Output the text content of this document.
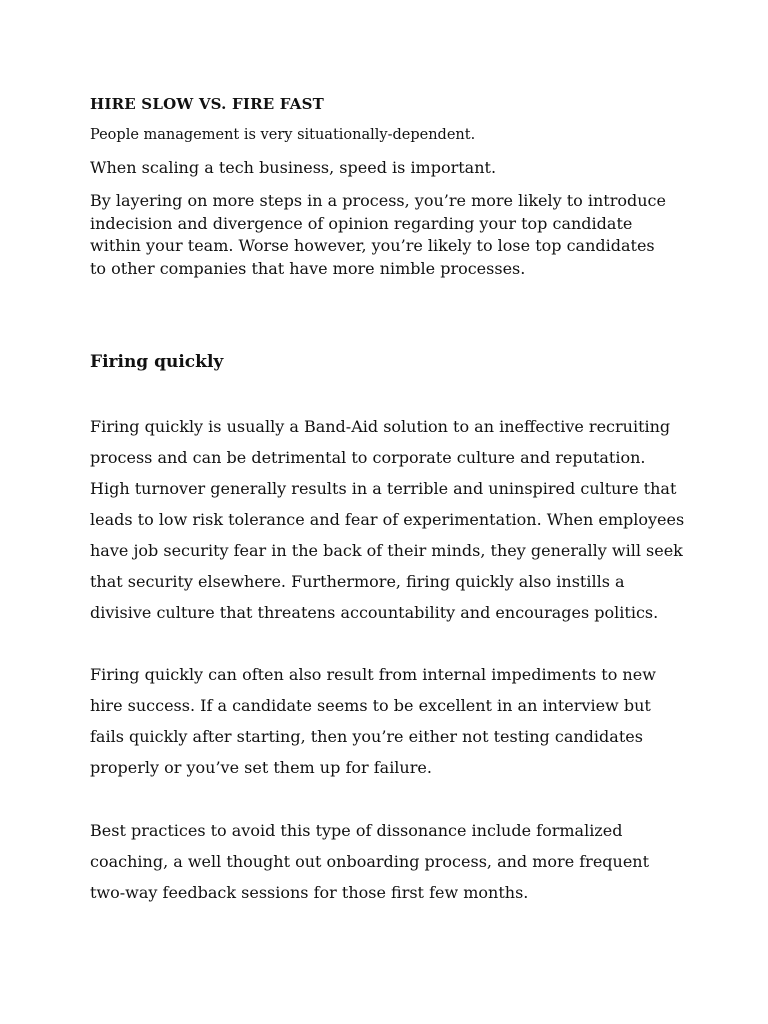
HIRE SLOW VS. FIRE FAST
People management is very situationally-dependent.
When scaling a tech business, speed is important.

By layering on more steps in a process, you’re more likely to introduce indecision and divergence of opinion regarding your top candidate within your team. Worse however, you’re likely to lose top candidates to other companies that have more nimble processes.

Firing quickly

Firing quickly is usually a Band-Aid solution to an ineffective recruiting process and can be detrimental to corporate culture and reputation. High turnover generally results in a terrible and uninspired culture that leads to low risk tolerance and fear of experimentation. When employees have job security fear in the back of their minds, they generally will seek that security elsewhere. Furthermore, firing quickly also instills a divisive culture that threatens accountability and encourages politics.

Firing quickly can often also result from internal impediments to new hire success. If a candidate seems to be excellent in an interview but fails quickly after starting, then you’re either not testing candidates properly or you’ve set them up for failure.

Best practices to avoid this type of dissonance include formalized coaching, a well thought out onboarding process, and more frequent two-way feedback sessions for those first few months.
